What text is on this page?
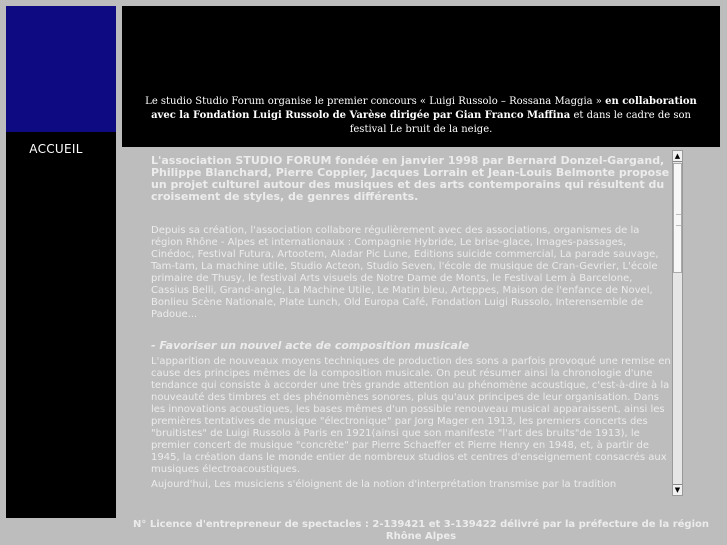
ACCUEIL
Le studio Studio Forum organise le premier concours « Luigi Russolo – Rossana Maggia » en collaboration avec la Fondation Luigi Russolo de Varèse dirigée par Gian Franco Maffina et dans le cadre de son festival Le bruit de la neige.
L'association STUDIO FORUM fondée en janvier 1998 par Bernard Donzel-Gargand, Philippe Blanchard, Pierre Coppier, Jacques Lorrain et Jean-Louis Belmonte propose un projet culturel autour des musiques et des arts contemporains qui résultent du croisement de styles, de genres différents.
Depuis sa création, l'association collabore régulièrement avec des associations, organismes de la région Rhône - Alpes et internationaux : Compagnie Hybride, Le brise-glace, Images-passages, Cinédoc, Festival Futura, Artootem, Aladar Pic Lune, Editions suicide commercial, La parade sauvage, Tam-tam, La machine utile, Studio Acteon, Studio Seven, l'école de musique de Cran-Gevrier, L'école primaire de Thusy, le festival Arts visuels de Notre Dame de Monts, le Festival Lem à Barcelone, Cassius Belli, Grand-angle, La Machine Utile, Le Matin bleu, Arteppes, Maison de l'enfance de Novel, Bonlieu Scène Nationale, Plate Lunch, Old Europa Café, Fondation Luigi Russolo, Interensemble de Padoue...
- Favoriser un nouvel acte de composition musicale
L'apparition de nouveaux moyens techniques de production des sons a parfois provoqué une remise en cause des principes mêmes de la composition musicale. On peut résumer ainsi la chronologie d'une tendance qui consiste à accorder une très grande attention au phénomène acoustique, c'est-à-dire à la nouveauté des timbres et des phénomènes sonores, plus qu'aux principes de leur organisation. Dans les innovations acoustiques, les bases mêmes d'un possible renouveau musical apparaissent, ainsi les premières tentatives de musique "électronique" par Jorg Mager en 1913, les premiers concerts des "bruitistes" de Luigi Russolo à Paris en 1921(ainsi que son manifeste "l'art des bruits"de 1913), le premier concert de musique "concrète" par Pierre Schaeffer et Pierre Henry en 1948, et, à partir de 1945, la création dans le monde entier de nombreux studios et centres d'enseignement consacrés aux musiques électroacoustiques.
Aujourd'hui, Les musiciens s'éloignent de la notion d'interprétation transmise par la tradition
▲
▼
N° Licence d'entrepreneur de spectacles : 2-139421 et 3-139422 délivré par la préfecture de la région Rhône Alpes
